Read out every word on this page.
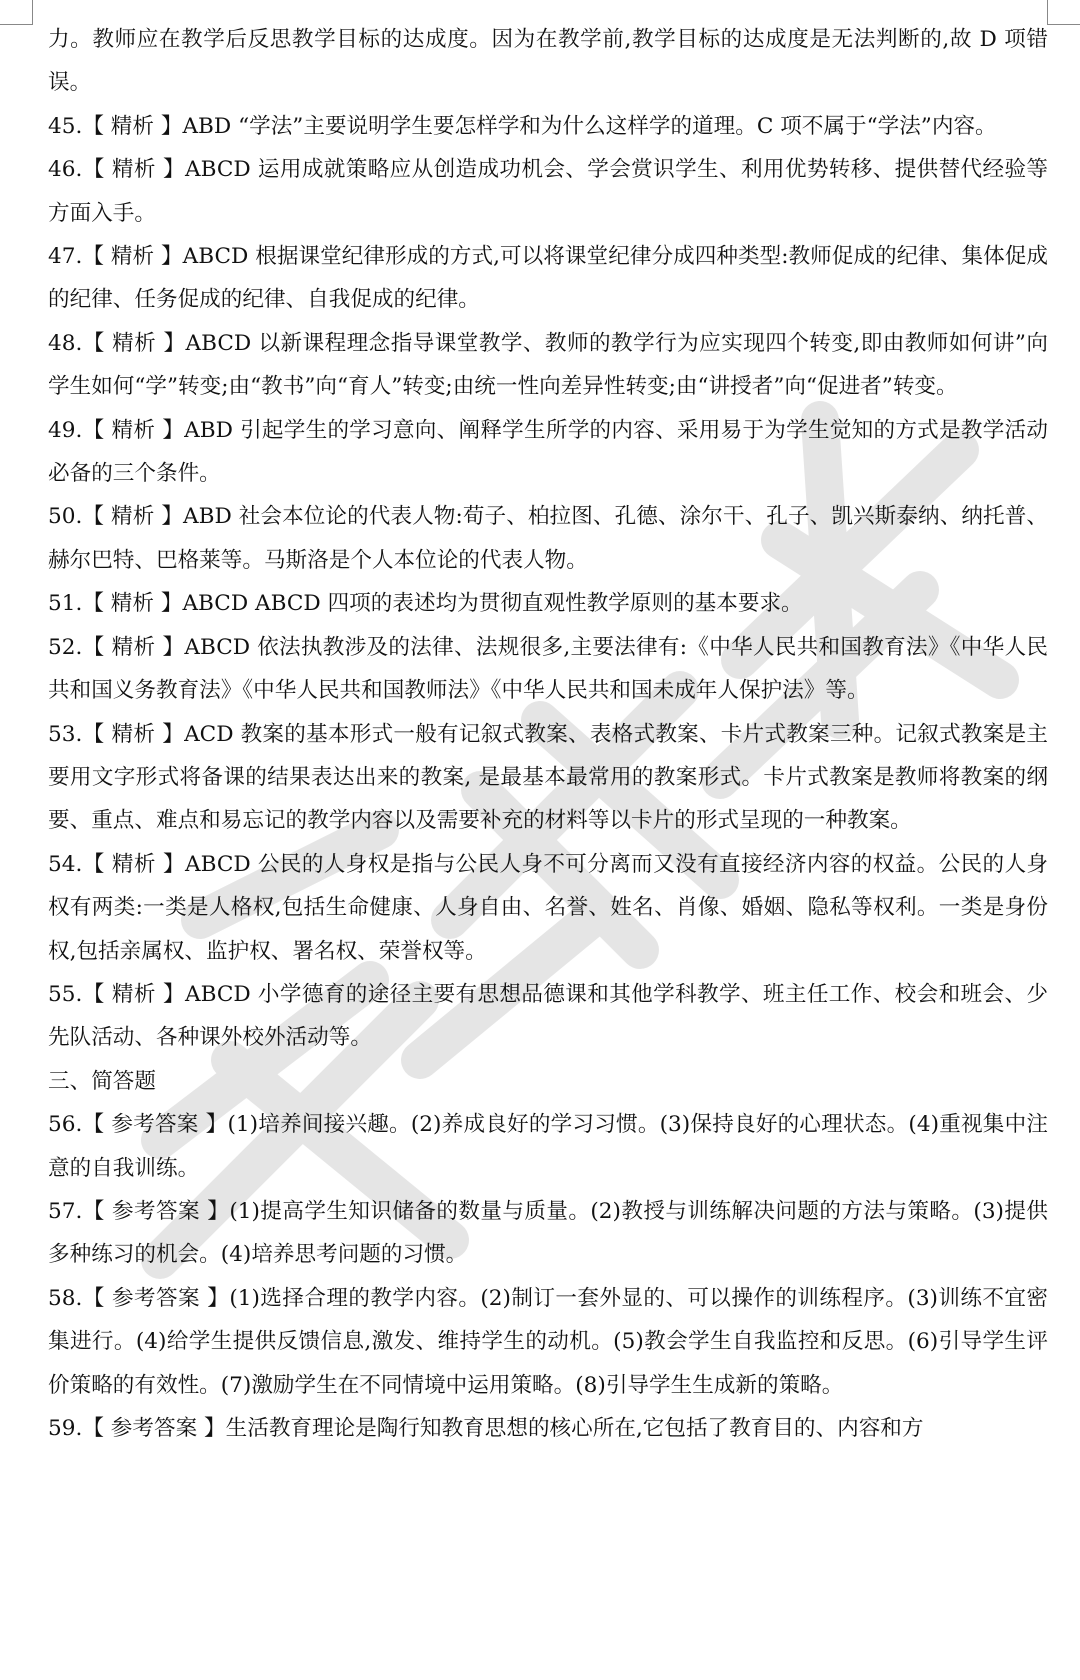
力。教师应在教学后反思教学目标的达成度。因为在教学前,教学目标的达成度是无法判断的,故 D 项错误。

45.【 精析 】ABD “学法”主要说明学生要怎样学和为什么这样学的道理。C 项不属于“学法”内容。

46.【 精析 】ABCD 运用成就策略应从创造成功机会、学会赏识学生、利用优势转移、提供替代经验等方面入手。

47.【 精析 】ABCD 根据课堂纪律形成的方式,可以将课堂纪律分成四种类型:教师促成的纪律、集体促成的纪律、任务促成的纪律、自我促成的纪律。

48.【 精析 】ABCD 以新课程理念指导课堂教学、教师的教学行为应实现四个转变,即由教师如何讲”向学生如何“学”转变;由“教书”向“育人”转变;由统一性向差异性转变;由“讲授者”向“促进者”转变。

49.【 精析 】ABD 引起学生的学习意向、阐释学生所学的内容、采用易于为学生觉知的方式是教学活动必备的三个条件。

50.【 精析 】ABD 社会本位论的代表人物:荀子、柏拉图、孔德、涂尔干、孔子、凯兴斯泰纳、纳托普、赫尔巴特、巴格莱等。马斯洛是个人本位论的代表人物。

51.【 精析 】ABCD ABCD 四项的表述均为贯彻直观性教学原则的基本要求。

52.【 精析 】ABCD 依法执教涉及的法律、法规很多,主要法律有:《中华人民共和国教育法》《中华人民共和国义务教育法》《中华人民共和国教师法》《中华人民共和国未成年人保护法》等。

53.【 精析 】ACD 教案的基本形式一般有记叙式教案、表格式教案、卡片式教案三种。记叙式教案是主要用文字形式将备课的结果表达出来的教案, 是最基本最常用的教案形式。卡片式教案是教师将教案的纲要、重点、难点和易忘记的教学内容以及需要补充的材料等以卡片的形式呈现的一种教案。

54.【 精析 】ABCD 公民的人身权是指与公民人身不可分离而又没有直接经济内容的权益。公民的人身权有两类:一类是人格权,包括生命健康、人身自由、名誉、姓名、肖像、婚姻、隐私等权利。一类是身份权,包括亲属权、监护权、署名权、荣誉权等。

55.【 精析 】ABCD 小学德育的途径主要有思想品德课和其他学科教学、班主任工作、校会和班会、少先队活动、各种课外校外活动等。

三、简答题

56.【 参考答案 】(1)培养间接兴趣。(2)养成良好的学习习惯。(3)保持良好的心理状态。(4)重视集中注意的自我训练。

57.【 参考答案 】(1)提高学生知识储备的数量与质量。(2)教授与训练解决问题的方法与策略。(3)提供多种练习的机会。(4)培养思考问题的习惯。

58.【 参考答案 】(1)选择合理的教学内容。(2)制订一套外显的、可以操作的训练程序。(3)训练不宜密集进行。(4)给学生提供反馈信息,激发、维持学生的动机。(5)教会学生自我监控和反思。(6)引导学生评价策略的有效性。(7)激励学生在不同情境中运用策略。(8)引导学生生成新的策略。

59.【 参考答案 】生活教育理论是陶行知教育思想的核心所在,它包括了教育目的、内容和方
